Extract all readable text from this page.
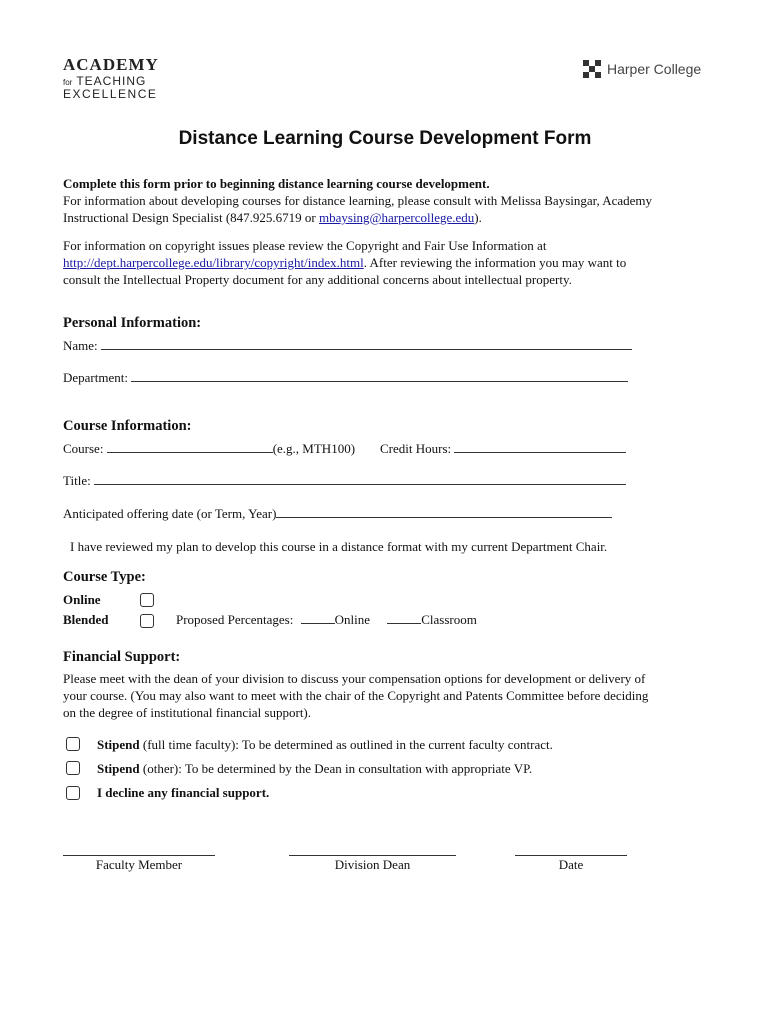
ACADEMY
for TEACHING
EXCELLENCE
Harper College
Distance Learning Course Development Form
Complete this form prior to beginning distance learning course development.
For information about developing courses for distance learning, please consult with Melissa Baysingar, Academy
Instructional Design Specialist (847.925.6719 or mbaysing@harpercollege.edu).
For information on copyright issues please review the Copyright and Fair Use Information at
http://dept.harpercollege.edu/library/copyright/index.html. After reviewing the information you may want to
consult the Intellectual Property document for any additional concerns about intellectual property.
Personal Information:
Name:
Department:
Course Information:
Course:	(e.g., MTH100) Credit Hours:
Title:
Anticipated offering date (or Term, Year)
I have reviewed my plan to develop this course in a distance format with my current Department Chair.
Course Type:
Online
Blended	Proposed Percentages:	Online	Classroom
Financial Support:
Please meet with the dean of your division to discuss your compensation options for development or delivery of
your course. (You may also want to meet with the chair of the Copyright and Patents Committee before deciding
on the degree of institutional financial support).
Stipend (full time faculty): To be determined as outlined in the current faculty contract.
Stipend (other): To be determined by the Dean in consultation with appropriate VP.
I decline any financial support.
Faculty Member	Division Dean	Date
